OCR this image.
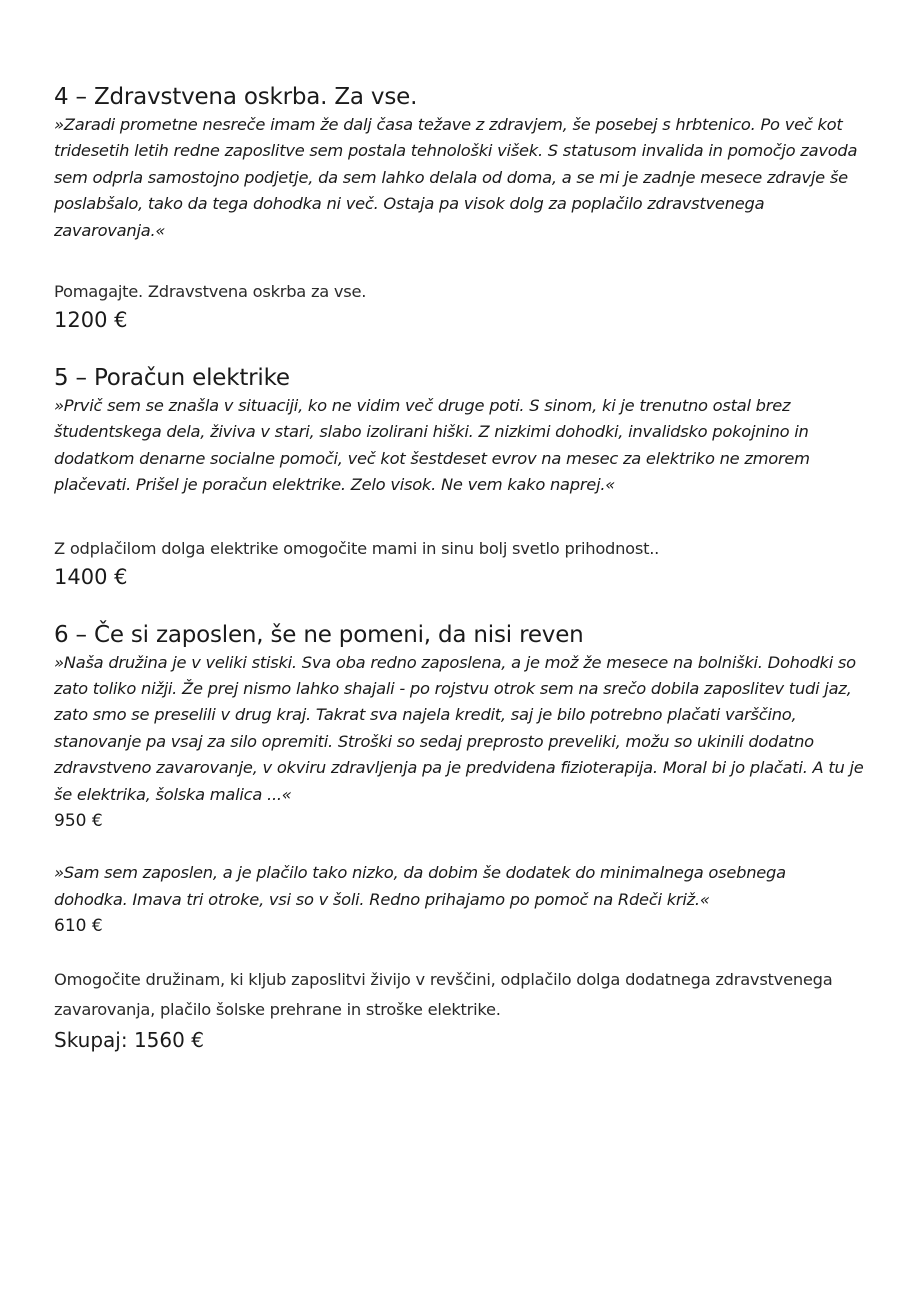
4 – Zdravstvena oskrba. Za vse.

»Zaradi prometne nesreče imam že dalj časa težave z zdravjem, še posebej s hrbtenico. Po več kot tridesetih letih redne zaposlitve sem postala tehnološki višek. S statusom invalida in pomočjo zavoda sem odprla samostojno podjetje, da sem lahko delala od doma, a se mi je zadnje mesece zdravje še poslabšalo, tako da tega dohodka ni več. Ostaja pa visok dolg za poplačilo zdravstvenega zavarovanja.«

Pomagajte. Zdravstvena oskrba za vse.

1200 €

5 – Poračun elektrike

»Prvič sem se znašla v situaciji, ko ne vidim več druge poti. S sinom, ki je trenutno ostal brez študentskega dela, živiva v stari, slabo izolirani hiški. Z nizkimi dohodki, invalidsko pokojnino in dodatkom denarne socialne pomoči, več kot šestdeset evrov na mesec za elektriko ne zmorem plačevati. Prišel je poračun elektrike. Zelo visok. Ne vem kako naprej.«

Z odplačilom dolga elektrike omogočite mami in sinu bolj svetlo prihodnost..

1400 €

6 – Če si zaposlen, še ne pomeni, da nisi reven

»Naša družina je v veliki stiski. Sva oba redno zaposlena, a je mož že mesece na bolniški. Dohodki so zato toliko nižji. Že prej nismo lahko shajali - po rojstvu otrok sem na srečo dobila zaposlitev tudi jaz, zato smo se preselili v drug kraj. Takrat sva najela kredit, saj je bilo potrebno plačati varščino, stanovanje pa vsaj za silo opremiti. Stroški so sedaj preprosto preveliki, možu so ukinili dodatno zdravstveno zavarovanje, v okviru zdravljenja pa je predvidena fizioterapija. Moral bi jo plačati. A tu je še elektrika, šolska malica ...«

950 €

»Sam sem zaposlen, a je plačilo tako nizko, da dobim še dodatek do minimalnega osebnega dohodka. Imava tri otroke, vsi so v šoli. Redno prihajamo po pomoč na Rdeči križ.«

610 €

Omogočite družinam, ki kljub zaposlitvi živijo v revščini, odplačilo dolga dodatnega zdravstvenega zavarovanja, plačilo šolske prehrane in stroške elektrike.

Skupaj: 1560 €
